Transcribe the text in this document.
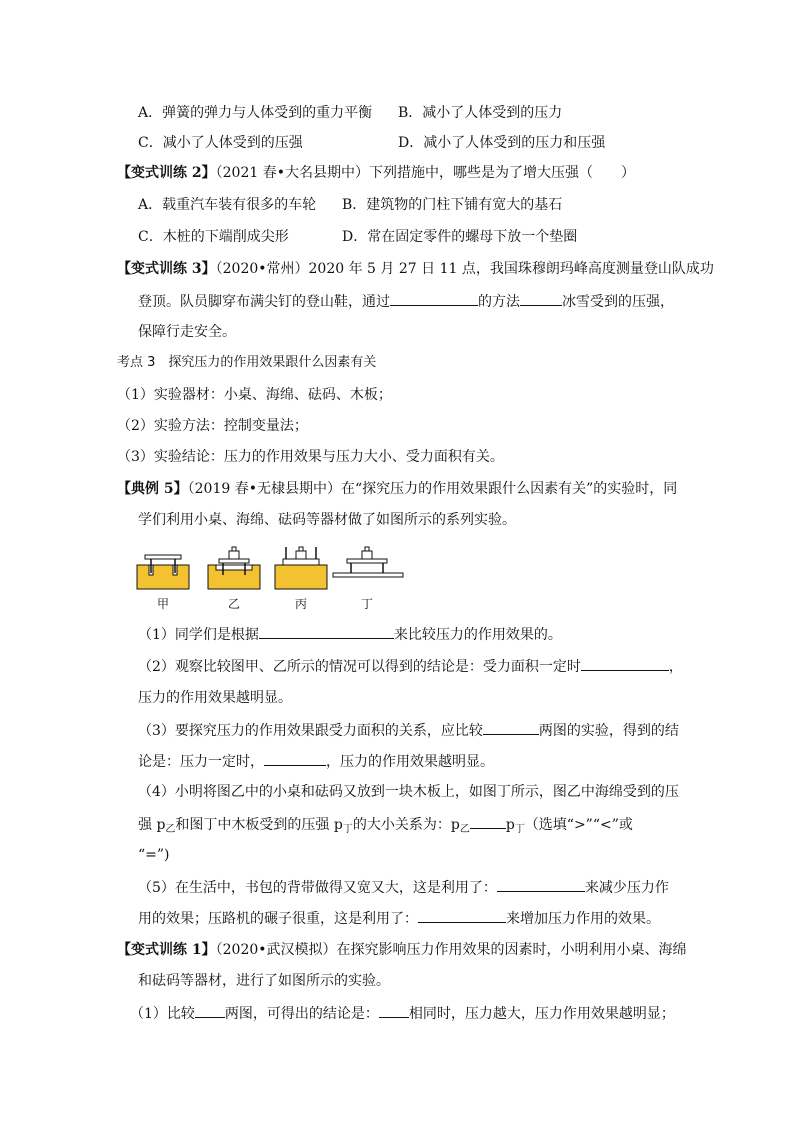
A．弹簧的弹力与人体受到的重力平衡 B．减小了人体受到的压力
C．减小了人体受到的压强	D．减小了人体受到的压力和压强
【变式训练 2】（2021 春•大名县期中）下列措施中，哪些是为了增大压强（　　）
A．载重汽车装有很多的车轮 B．建筑物的门柱下铺有宽大的基石
C．木桩的下端削成尖形	D．常在固定零件的螺母下放一个垫圈
【变式训练 3】（2020•常州）2020 年 5 月 27 日 11 点，我国珠穆朗玛峰高度测量登山队成功
登顶。队员脚穿布满尖钉的登山鞋，通过	的方法	冰雪受到的压强，
保障行走安全。
考点 3　探究压力的作用效果跟什么因素有关
（1）实验器材：小桌、海绵、砝码、木板；
（2）实验方法：控制变量法；
（3）实验结论：压力的作用效果与压力大小、受力面积有关。
【典例 5】（2019 春•无棣县期中）在“探究压力的作用效果跟什么因素有关”的实验时，同
学们利用小桌、海绵、砝码等器材做了如图所示的系列实验。
甲	乙	丙	丁
（1）同学们是根据	来比较压力的作用效果的。
（2）观察比较图甲、乙所示的情况可以得到的结论是：受力面积一定时	，
压力的作用效果越明显。
（3）要探究压力的作用效果跟受力面积的关系，应比较	两图的实验，得到的结
论是：压力一定时，	，压力的作用效果越明显。
（4）小明将图乙中的小桌和砝码又放到一块木板上，如图丁所示，图乙中海绵受到的压
强 $p_乙$和图丁中木板受到的压强 $p_丁$的大小关系为：$p_乙$	$p_丁$（选填“>”“<”或
“=”)
（5）在生活中，书包的背带做得又宽又大，这是利用了：	来减少压力作
用的效果；压路机的碾子很重，这是利用了：	来增加压力作用的效果。
【变式训练 1】（2020•武汉模拟）在探究影响压力作用效果的因素时，小明利用小桌、海绵
和砝码等器材，进行了如图所示的实验。
（1）比较 两图，可得出的结论是： 相同时，压力越大，压力作用效果越明显；
